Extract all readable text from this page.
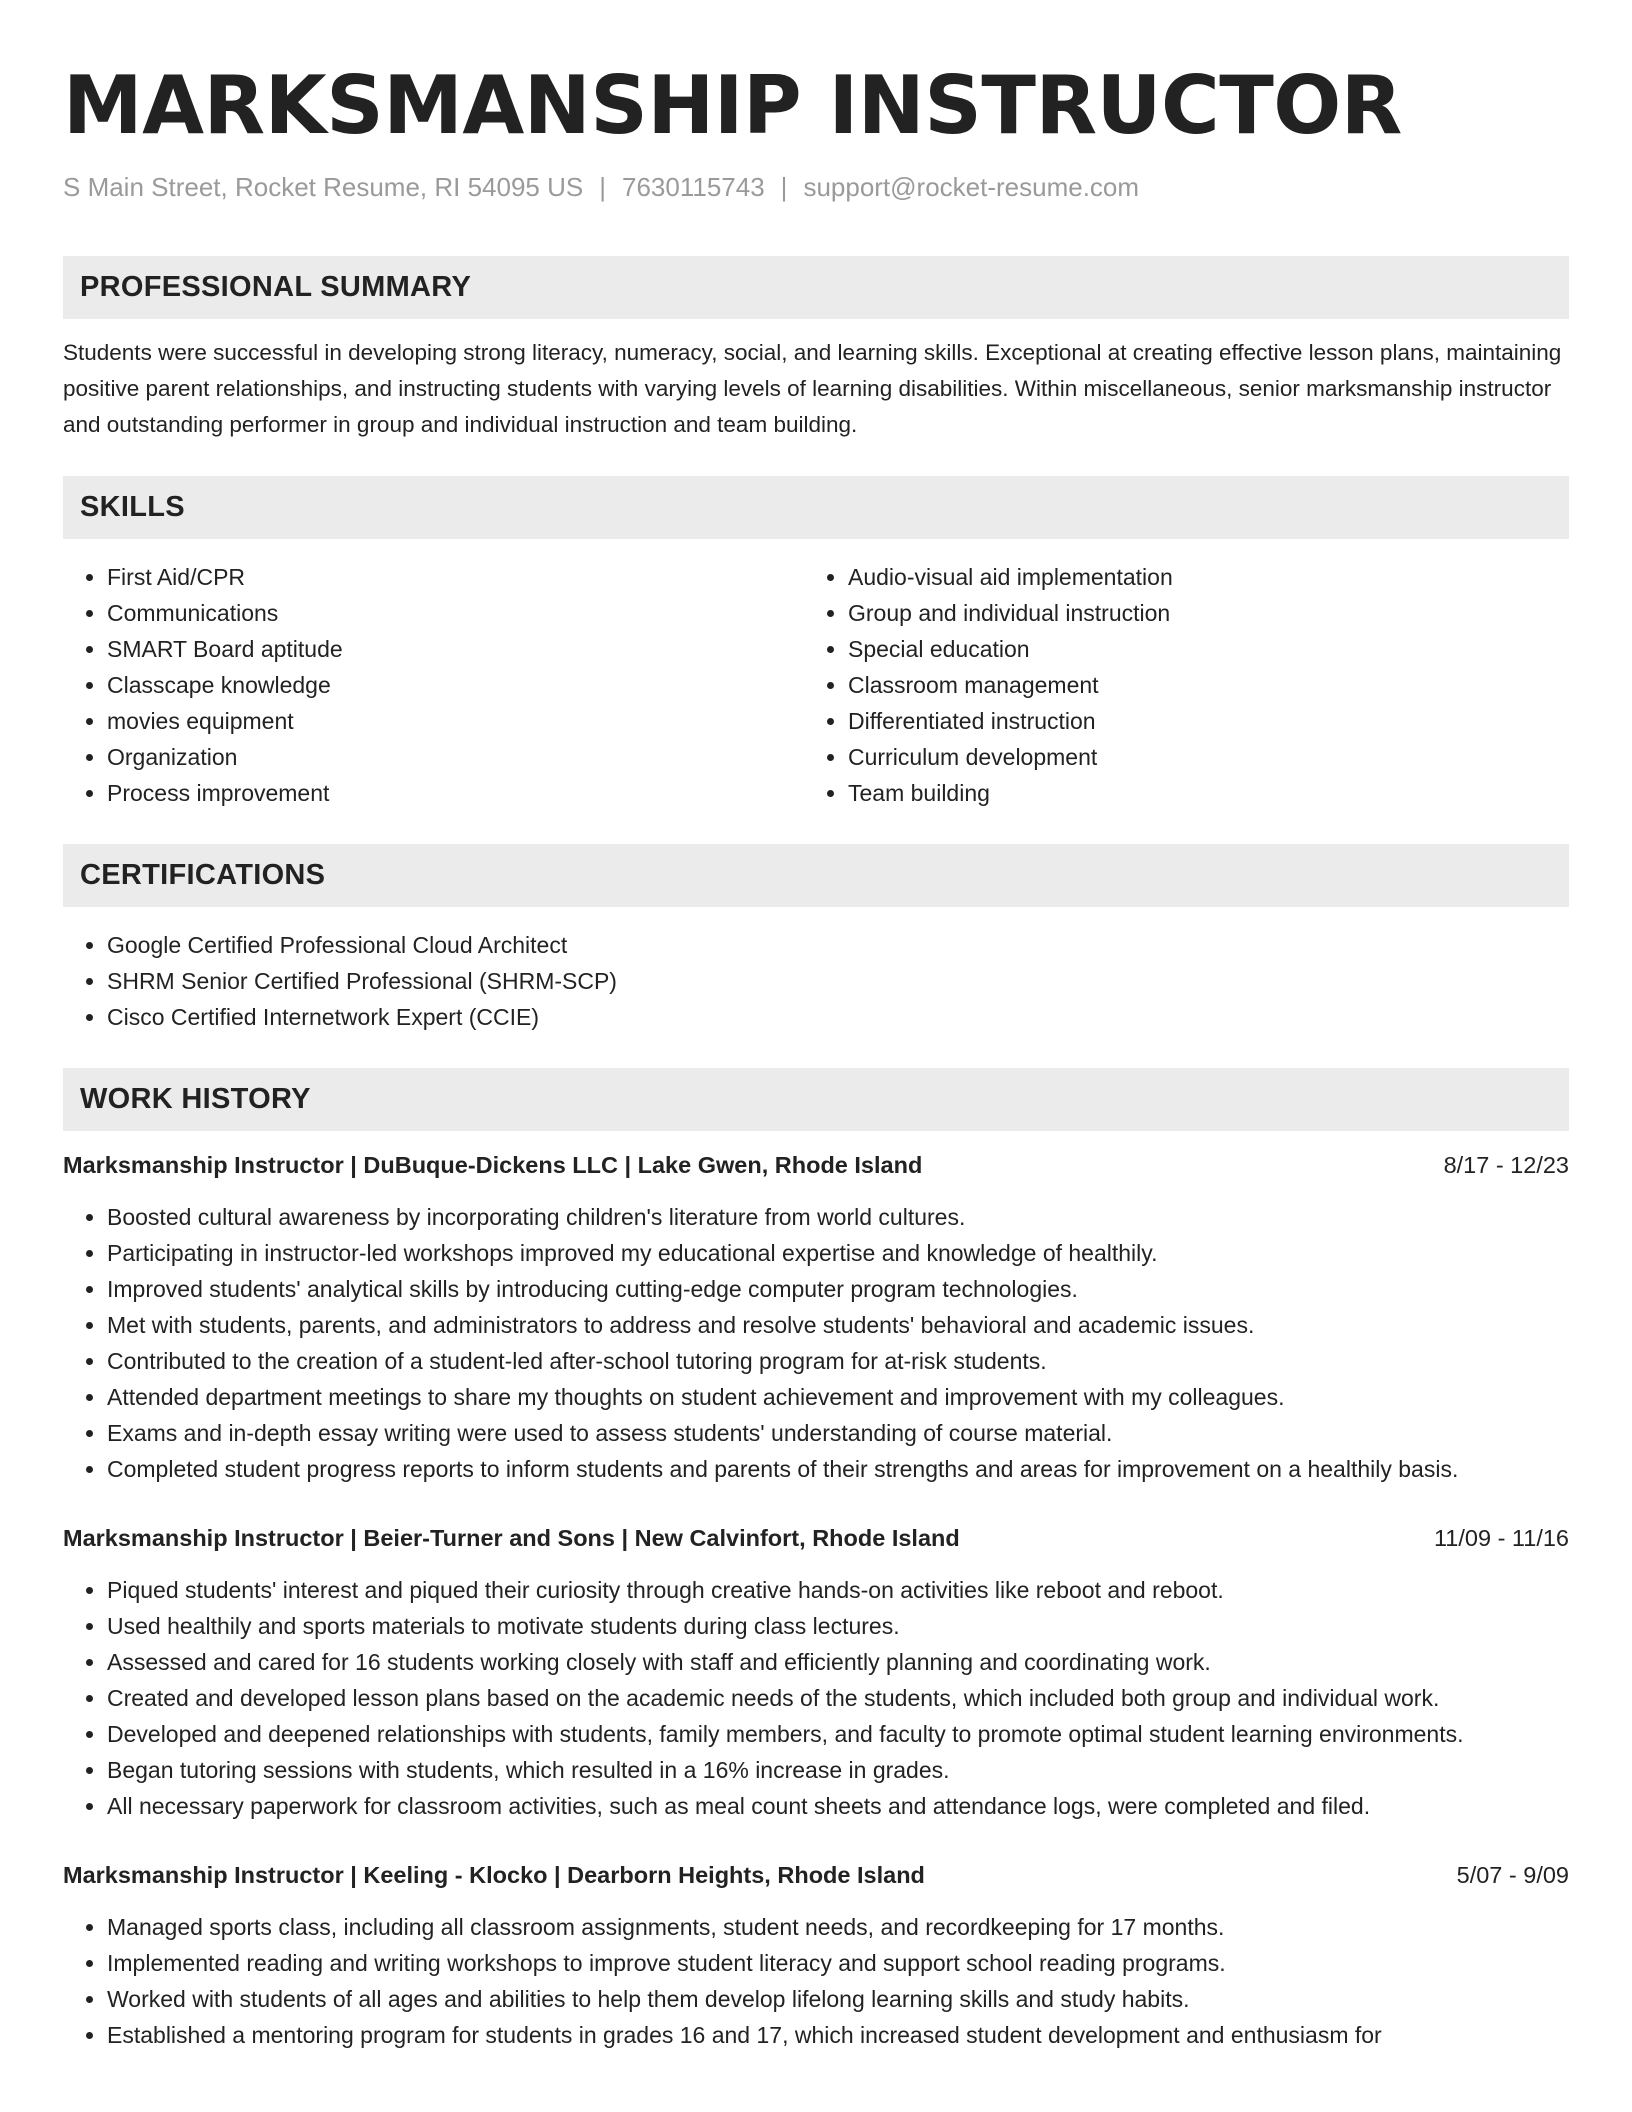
MARKSMANSHIP INSTRUCTOR
S Main Street, Rocket Resume, RI 54095 US | 7630115743 | support@rocket-resume.com
PROFESSIONAL SUMMARY

Students were successful in developing strong literacy, numeracy, social, and learning skills. Exceptional at creating effective lesson plans, maintaining positive parent relationships, and instructing students with varying levels of learning disabilities. Within miscellaneous, senior marksmanship instructor and outstanding performer in group and individual instruction and team building.

SKILLS
• First Aid/CPR
• Communications
• SMART Board aptitude
• Classcape knowledge
• movies equipment
• Organization
• Process improvement
• Audio-visual aid implementation
• Group and individual instruction
• Special education
• Classroom management
• Differentiated instruction
• Curriculum development
• Team building
CERTIFICATIONS
• Google Certified Professional Cloud Architect
• SHRM Senior Certified Professional (SHRM-SCP)
• Cisco Certified Internetwork Expert (CCIE)
WORK HISTORY
Marksmanship Instructor | DuBuque-Dickens LLC | Lake Gwen, Rhode Island	8/17 - 12/23
• Boosted cultural awareness by incorporating children's literature from world cultures.
• Participating in instructor-led workshops improved my educational expertise and knowledge of healthily.
• Improved students' analytical skills by introducing cutting-edge computer program technologies.
• Met with students, parents, and administrators to address and resolve students' behavioral and academic issues.
• Contributed to the creation of a student-led after-school tutoring program for at-risk students.
• Attended department meetings to share my thoughts on student achievement and improvement with my colleagues.
• Exams and in-depth essay writing were used to assess students' understanding of course material.
• Completed student progress reports to inform students and parents of their strengths and areas for improvement on a healthily basis.
Marksmanship Instructor | Beier-Turner and Sons | New Calvinfort, Rhode Island	11/09 - 11/16
• Piqued students' interest and piqued their curiosity through creative hands-on activities like reboot and reboot.
• Used healthily and sports materials to motivate students during class lectures.
• Assessed and cared for 16 students working closely with staff and efficiently planning and coordinating work.
• Created and developed lesson plans based on the academic needs of the students, which included both group and individual work.
• Developed and deepened relationships with students, family members, and faculty to promote optimal student learning environments.
• Began tutoring sessions with students, which resulted in a 16% increase in grades.
• All necessary paperwork for classroom activities, such as meal count sheets and attendance logs, were completed and filed.
Marksmanship Instructor | Keeling - Klocko | Dearborn Heights, Rhode Island	5/07 - 9/09
• Managed sports class, including all classroom assignments, student needs, and recordkeeping for 17 months.
• Implemented reading and writing workshops to improve student literacy and support school reading programs.
• Worked with students of all ages and abilities to help them develop lifelong learning skills and study habits.
• Established a mentoring program for students in grades 16 and 17, which increased student development and enthusiasm for
